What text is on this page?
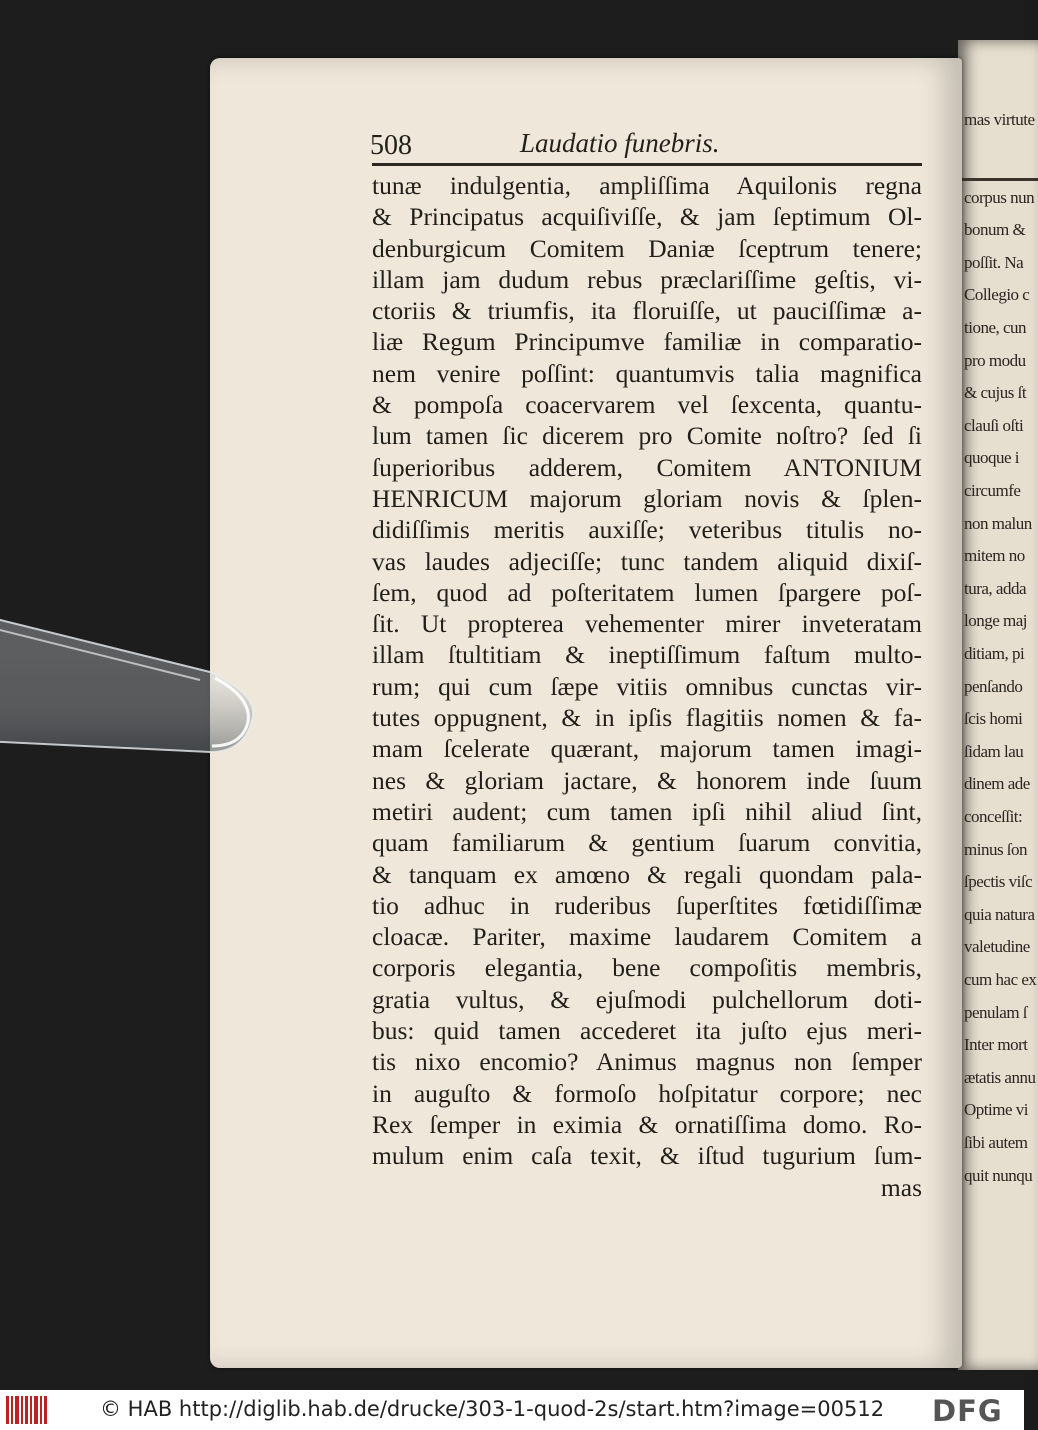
mas virtute
corpus nun
bonum &
poſſit. Na
Collegio c
tione, cun
pro modu
& cujus ſt
clauſi oſti
quoque i
circumfe
non malun
mitem no
tura, adda
longe maj
ditiam, pi
penſando
ſcis homi
ſidam lau
dinem ade
conceſſit:
minus ſon
ſpectis viſc
quia natura
valetudine
cum hac ex
penulam ſ
Inter mort
ætatis annu
Optime vi
ſibi autem
quit nunqu
508	Laudatio funebris.
tunæ indulgentia, ampliſſima Aquilonis regna
& Principatus acquiſiviſſe, & jam ſeptimum Ol-
denburgicum Comitem Daniæ ſceptrum tenere;
illam jam dudum rebus præclariſſime geſtis, vi-
ctoriis & triumfis, ita floruiſſe, ut pauciſſimæ a-
liæ Regum Principumve familiæ in comparatio-
nem venire poſſint: quantumvis talia magnifica
& pompoſa coacervarem vel ſexcenta, quantu-
lum tamen ſic dicerem pro Comite noſtro? ſed ſi
ſuperioribus adderem, Comitem ANTONIUM
HENRICUM majorum gloriam novis & ſplen-
didiſſimis meritis auxiſſe; veteribus titulis no-
vas laudes adjeciſſe; tunc tandem aliquid dixiſ-
ſem, quod ad poſteritatem lumen ſpargere poſ-
ſit. Ut propterea vehementer mirer inveteratam
illam ſtultitiam & ineptiſſimum faſtum multo-
rum; qui cum ſæpe vitiis omnibus cunctas vir-
tutes oppugnent, & in ipſis flagitiis nomen & fa-
mam ſcelerate quærant, majorum tamen imagi-
nes & gloriam jactare, & honorem inde ſuum
metiri audent; cum tamen ipſi nihil aliud ſint,
quam familiarum & gentium ſuarum convitia,
& tanquam ex amœno & regali quondam pala-
tio adhuc in ruderibus ſuperſtites fœtidiſſimæ
cloacæ. Pariter, maxime laudarem Comitem a
corporis elegantia, bene compoſitis membris,
gratia vultus, & ejuſmodi pulchellorum doti-
bus: quid tamen accederet ita juſto ejus meri-
tis nixo encomio? Animus magnus non ſemper
in auguſto & formoſo hoſpitatur corpore; nec
Rex ſemper in eximia & ornatiſſima domo. Ro-
mulum enim caſa texit, & iſtud tugurium ſum-
mas
© HAB http://diglib.hab.de/drucke/303-1-quod-2s/start.htm?image=00512 DFG
